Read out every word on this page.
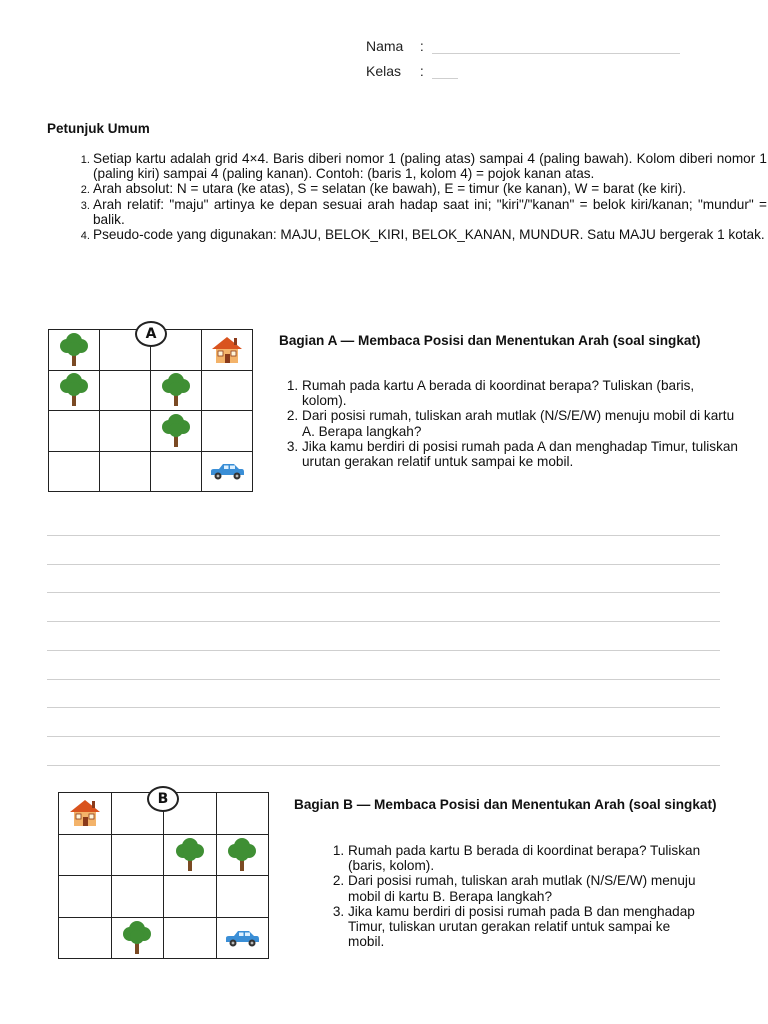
Nama :
Kelas :
Petunjuk Umum
1. Setiap kartu adalah grid 4×4. Baris diberi nomor 1 (paling atas) sampai 4 (paling bawah). Kolom diberi nomor 1 (paling kiri) sampai 4 (paling kanan). Contoh: (baris 1, kolom 4) = pojok kanan atas.
2. Arah absolut: N = utara (ke atas), S = selatan (ke bawah), E = timur (ke kanan), W = barat (ke kiri).
3. Arah relatif: "maju" artinya ke depan sesuai arah hadap saat ini; "kiri"/"kanan" = belok kiri/kanan; "mundur" = balik.
4. Pseudo-code yang digunakan: MAJU, BELOK_KIRI, BELOK_KANAN, MUNDUR. Satu MAJU bergerak 1 kotak.

A	Bagian A — Membaca Posisi dan Menentukan Arah (soal singkat)
1. Rumah pada kartu A berada di koordinat berapa? Tuliskan (baris, kolom).
2. Dari posisi rumah, tuliskan arah mutlak (N/S/E/W) menuju mobil di kartu A. Berapa langkah?
3. Jika kamu berdiri di posisi rumah pada A dan menghadap Timur, tuliskan urutan gerakan relatif untuk sampai ke mobil.

B	Bagian B — Membaca Posisi dan Menentukan Arah (soal singkat)
1. Rumah pada kartu B berada di koordinat berapa? Tuliskan (baris, kolom).
2. Dari posisi rumah, tuliskan arah mutlak (N/S/E/W) menuju mobil di kartu B. Berapa langkah?
3. Jika kamu berdiri di posisi rumah pada B dan menghadap Timur, tuliskan urutan gerakan relatif untuk sampai ke mobil.
